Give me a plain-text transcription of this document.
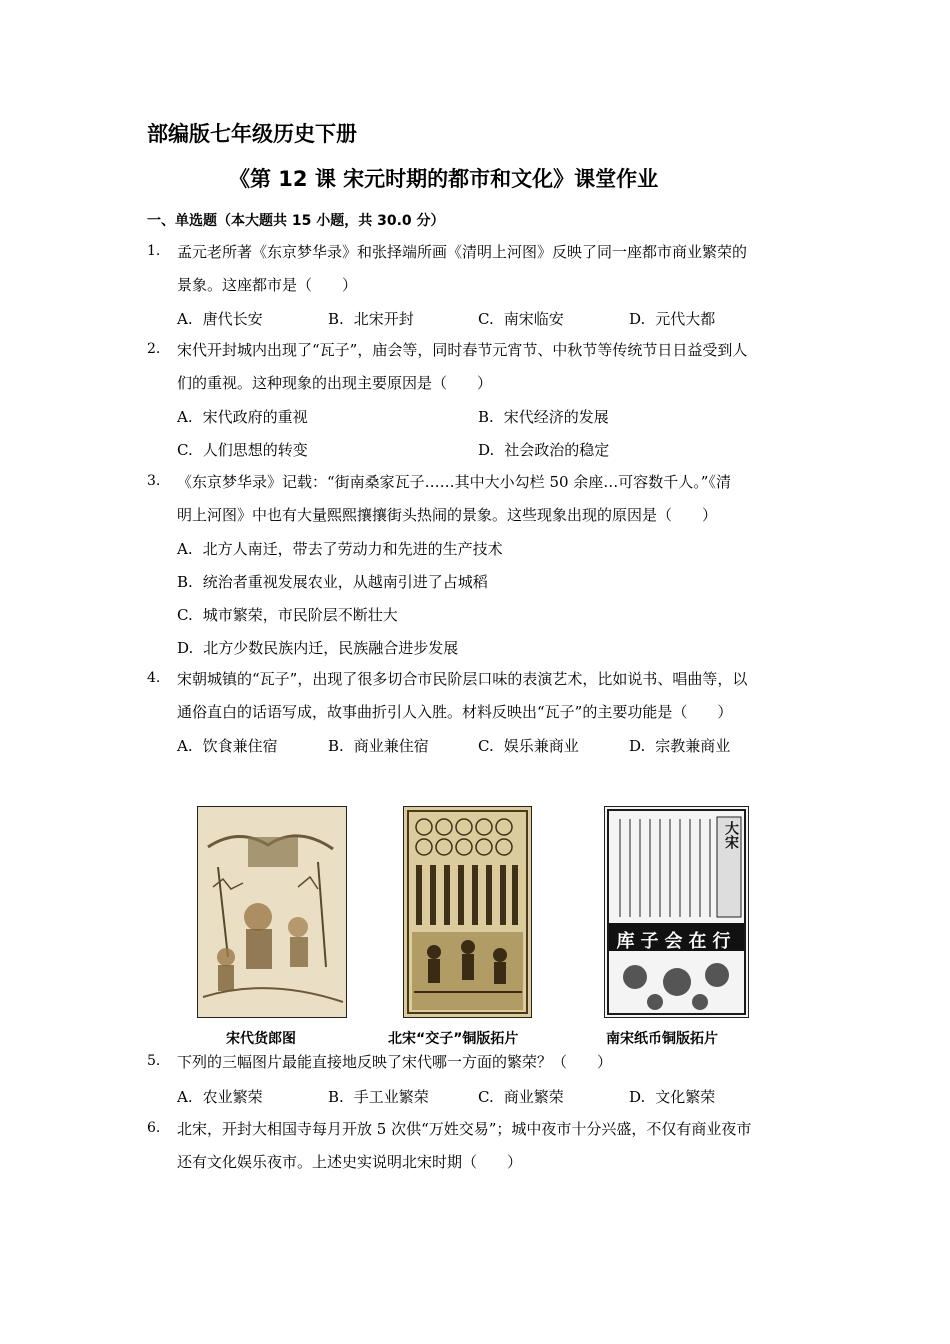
部编版七年级历史下册
《第 12 课 宋元时期的都市和文化》课堂作业
一、单选题（本大题共 15 小题，共 30.0 分）
1. 孟元老所著《东京梦华录》和张择端所画《清明上河图》反映了同一座都市商业繁荣的
景象。这座都市是（　　）
A. 唐代长安	B. 北宋开封	C. 南宋临安	D. 元代大都
2. 宋代开封城内出现了“瓦子”，庙会等，同时春节元宵节、中秋节等传统节日日益受到人
们的重视。这种现象的出现主要原因是（　　）
A. 宋代政府的重视	B. 宋代经济的发展
C. 人们思想的转变	D. 社会政治的稳定
3. 《东京梦华录》记载：“街南桑家瓦子……其中大小勾栏 50 余座…可容数千人。”《清
明上河图》中也有大量熙熙攘攘街头热闹的景象。这些现象出现的原因是（　　）
A. 北方人南迁，带去了劳动力和先进的生产技术
B. 统治者重视发展农业，从越南引进了占城稻
C. 城市繁荣，市民阶层不断壮大
D. 北方少数民族内迁，民族融合进步发展
4. 宋朝城镇的“瓦子”，出现了很多切合市民阶层口味的表演艺术，比如说书、唱曲等，以
通俗直白的话语写成，故事曲折引人入胜。材料反映出“瓦子”的主要功能是（　　）
A. 饮食兼住宿	B. 商业兼住宿	C. 娱乐兼商业	D. 宗教兼商业
行在会子库
大宋
宋代货郎图	北宋“交子”铜版拓片	南宋纸币铜版拓片
5. 下列的三幅图片最能直接地反映了宋代哪一方面的繁荣？（　　）
A. 农业繁荣	B. 手工业繁荣	C. 商业繁荣	D. 文化繁荣
6. 北宋，开封大相国寺每月开放 5 次供“万姓交易”；城中夜市十分兴盛，不仅有商业夜市
还有文化娱乐夜市。上述史实说明北宋时期（　　）
